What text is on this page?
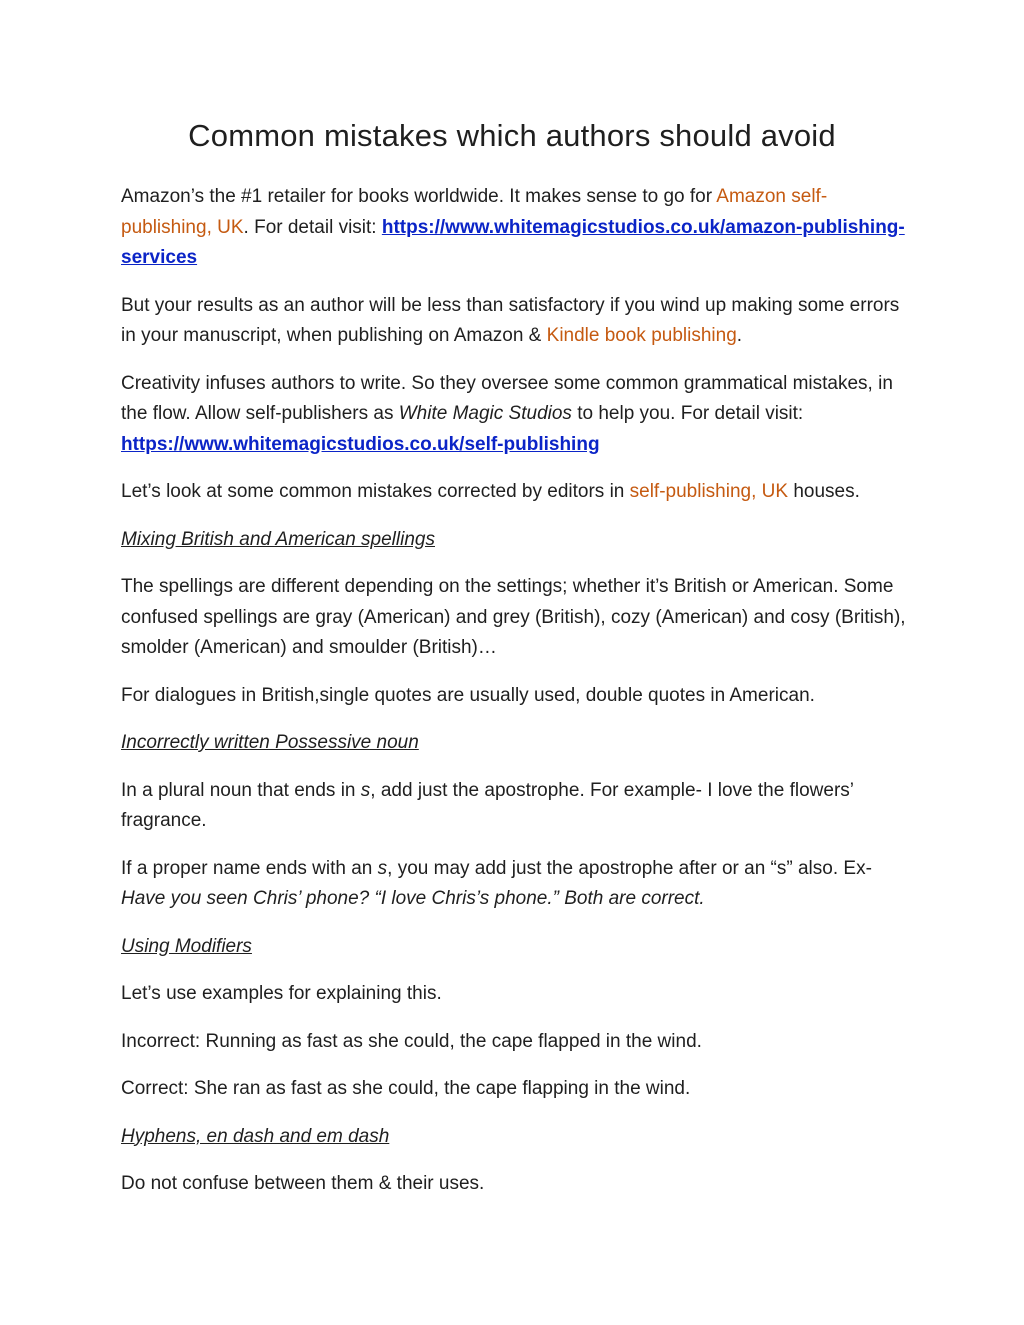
Common mistakes which authors should avoid

Amazon’s the #1 retailer for books worldwide. It makes sense to go for Amazon self-publishing, UK. For detail visit: https://www.whitemagicstudios.co.uk/amazon-publishing-services

But your results as an author will be less than satisfactory if you wind up making some errors in your manuscript, when publishing on Amazon & Kindle book publishing.

Creativity infuses authors to write. So they oversee some common grammatical mistakes, in the flow. Allow self-publishers as White Magic Studios to help you. For detail visit: https://www.whitemagicstudios.co.uk/self-publishing

Let’s look at some common mistakes corrected by editors in self-publishing, UK houses.

Mixing British and American spellings

The spellings are different depending on the settings; whether it’s British or American. Some confused spellings are gray (American) and grey (British), cozy (American) and cosy (British), smolder (American) and smoulder (British)…

For dialogues in British,single quotes are usually used, double quotes in American.

Incorrectly written Possessive noun

In a plural noun that ends in s, add just the apostrophe. For example- I love the flowers’ fragrance.

If a proper name ends with an s, you may add just the apostrophe after or an “s” also. Ex- Have you seen Chris’ phone? “I love Chris’s phone.” Both are correct.

Using Modifiers

Let’s use examples for explaining this.

Incorrect: Running as fast as she could, the cape flapped in the wind.

Correct: She ran as fast as she could, the cape flapping in the wind.

Hyphens, en dash and em dash

Do not confuse between them & their uses.
